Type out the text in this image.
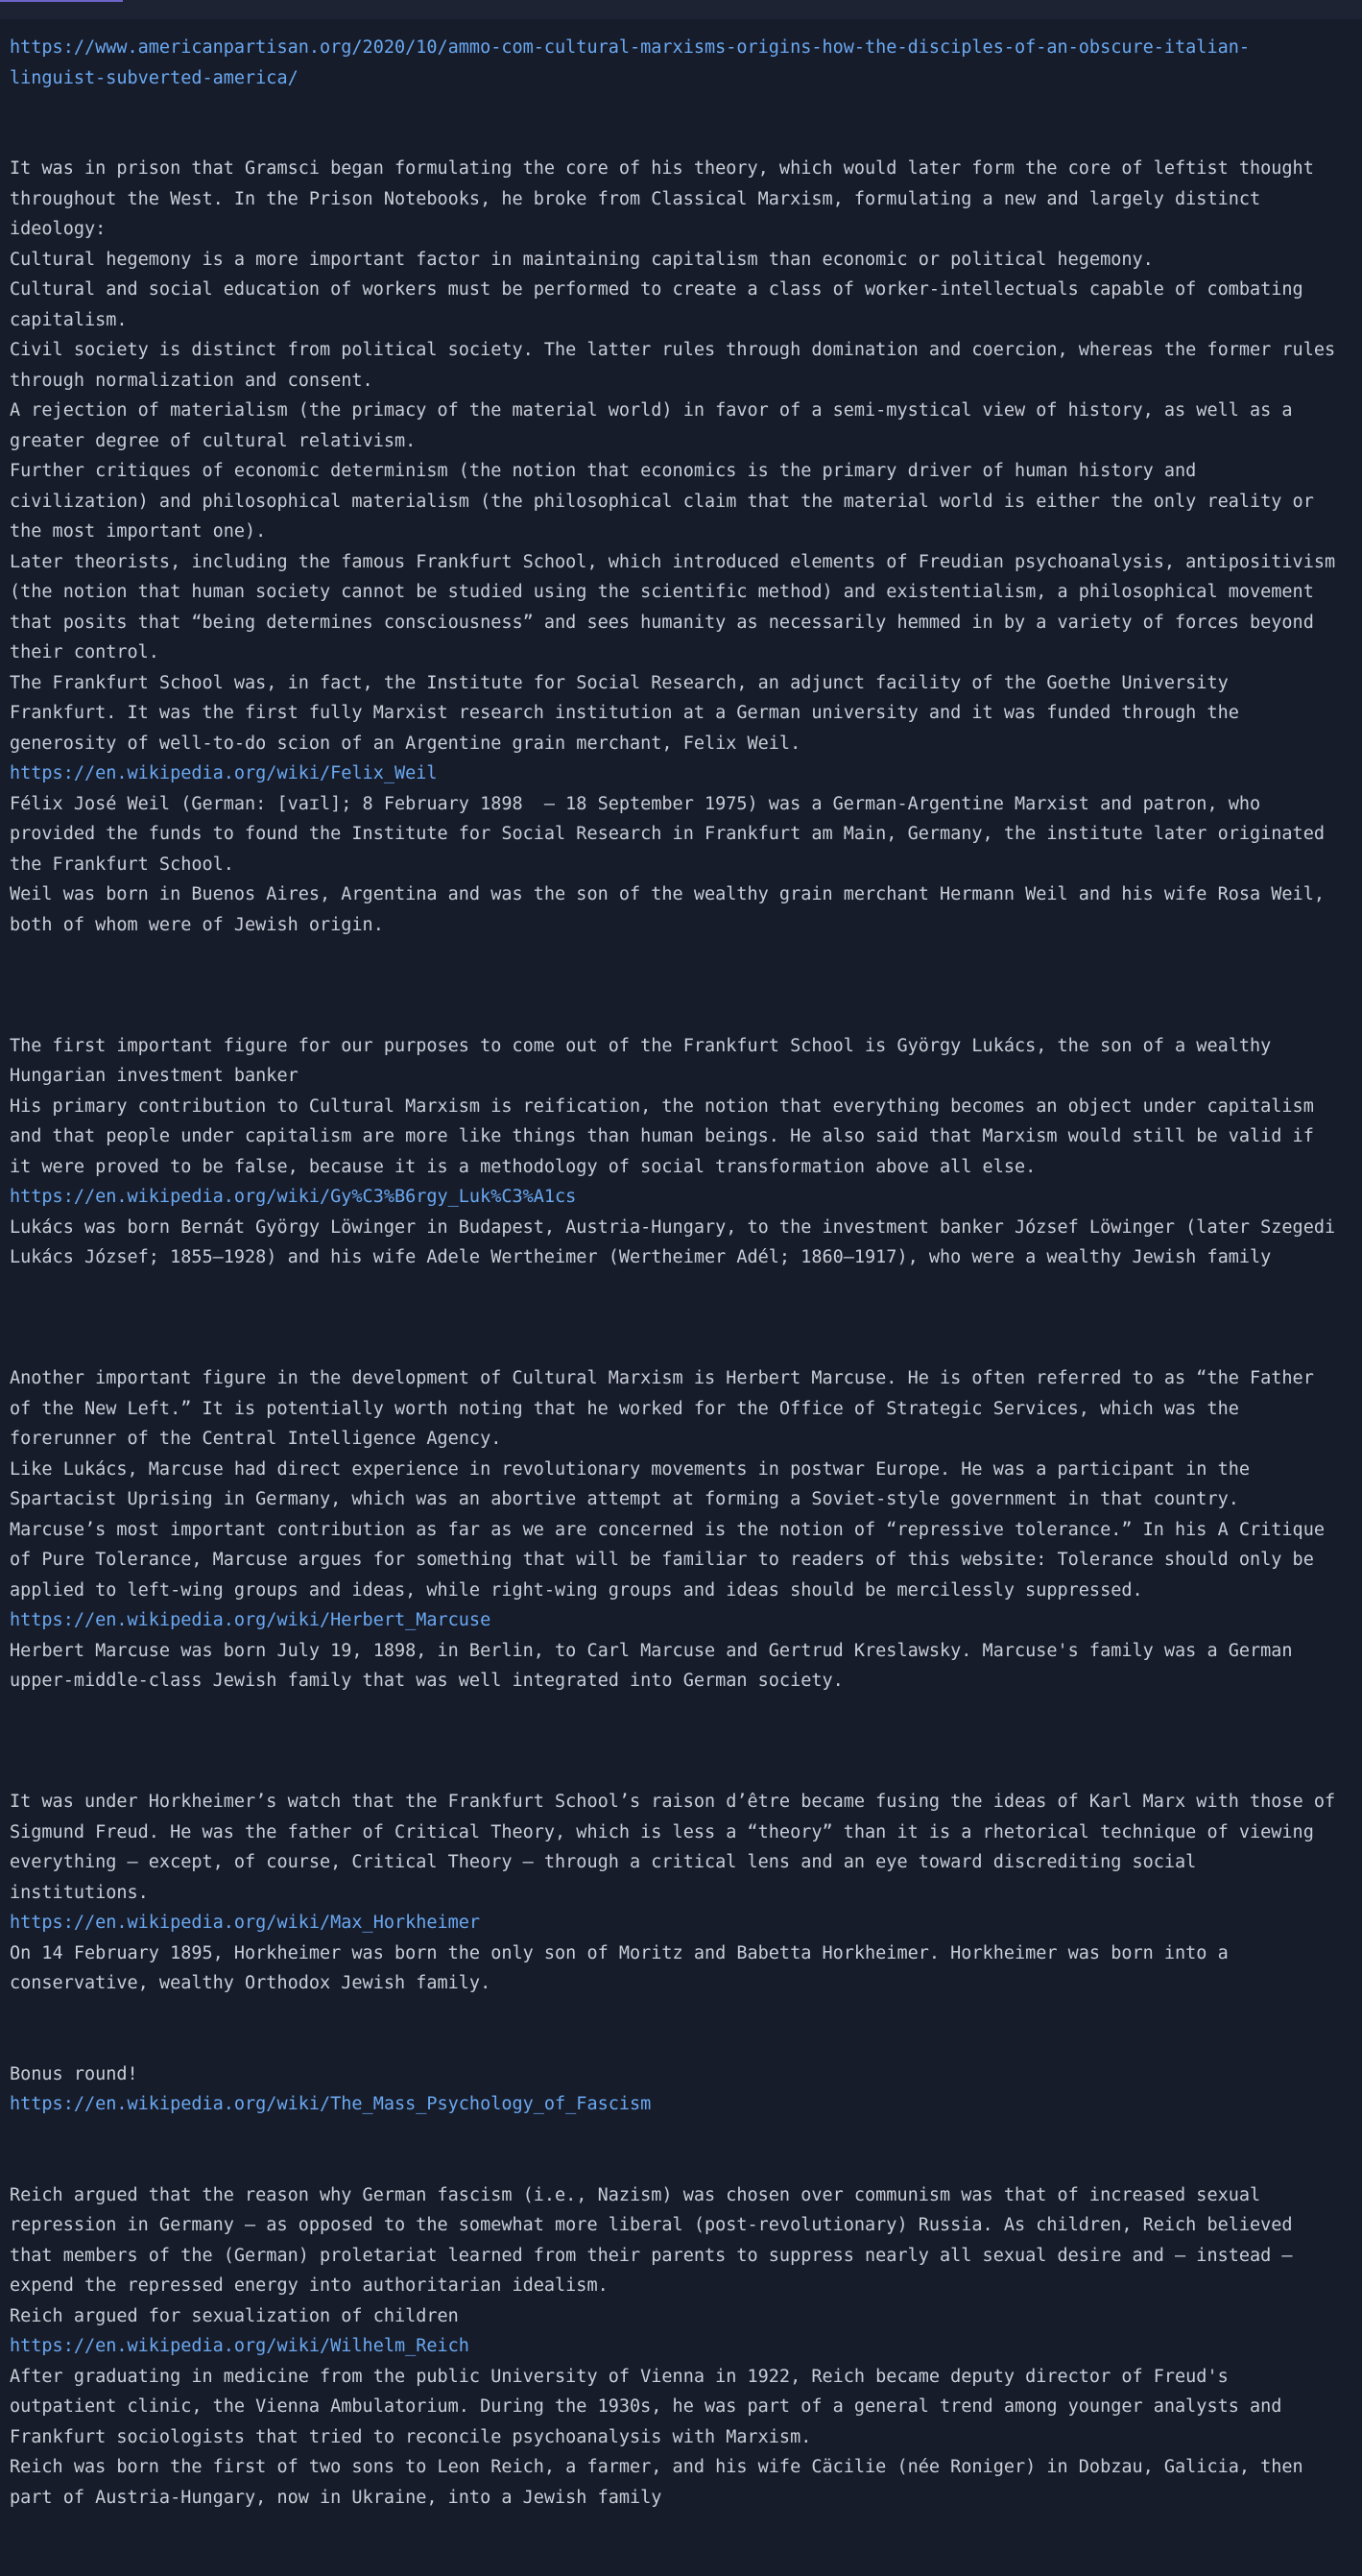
https://www.americanpartisan.org/2020/10/ammo-com-cultural-marxisms-origins-how-the-disciples-of-an-obscure-italian-linguist-subverted-america/
It was in prison that Gramsci began formulating the core of his theory, which would later form the core of leftist thought throughout the West. In the Prison Notebooks, he broke from Classical Marxism, formulating a new and largely distinct ideology:
Cultural hegemony is a more important factor in maintaining capitalism than economic or political hegemony.
Cultural and social education of workers must be performed to create a class of worker-intellectuals capable of combating capitalism.
Civil society is distinct from political society. The latter rules through domination and coercion, whereas the former rules through normalization and consent.
A rejection of materialism (the primacy of the material world) in favor of a semi-mystical view of history, as well as a greater degree of cultural relativism.
Further critiques of economic determinism (the notion that economics is the primary driver of human history and civilization) and philosophical materialism (the philosophical claim that the material world is either the only reality or the most important one).
Later theorists, including the famous Frankfurt School, which introduced elements of Freudian psychoanalysis, antipositivism (the notion that human society cannot be studied using the scientific method) and existentialism, a philosophical movement that posits that “being determines consciousness” and sees humanity as necessarily hemmed in by a variety of forces beyond their control.
The Frankfurt School was, in fact, the Institute for Social Research, an adjunct facility of the Goethe University Frankfurt. It was the first fully Marxist research institution at a German university and it was funded through the generosity of well-to-do scion of an Argentine grain merchant, Felix Weil.
https://en.wikipedia.org/wiki/Felix_Weil
Félix José Weil (German: [vaɪl]; 8 February 1898  – 18 September 1975) was a German-Argentine Marxist and patron, who provided the funds to found the Institute for Social Research in Frankfurt am Main, Germany, the institute later originated the Frankfurt School.
Weil was born in Buenos Aires, Argentina and was the son of the wealthy grain merchant Hermann Weil and his wife Rosa Weil, both of whom were of Jewish origin.
The first important figure for our purposes to come out of the Frankfurt School is György Lukács, the son of a wealthy Hungarian investment banker
His primary contribution to Cultural Marxism is reification, the notion that everything becomes an object under capitalism and that people under capitalism are more like things than human beings. He also said that Marxism would still be valid if it were proved to be false, because it is a methodology of social transformation above all else.
https://en.wikipedia.org/wiki/Gy%C3%B6rgy_Luk%C3%A1cs
Lukács was born Bernát György Löwinger in Budapest, Austria-Hungary, to the investment banker József Löwinger (later Szegedi Lukács József; 1855–1928) and his wife Adele Wertheimer (Wertheimer Adél; 1860–1917), who were a wealthy Jewish family
Another important figure in the development of Cultural Marxism is Herbert Marcuse. He is often referred to as “the Father of the New Left.” It is potentially worth noting that he worked for the Office of Strategic Services, which was the forerunner of the Central Intelligence Agency.
Like Lukács, Marcuse had direct experience in revolutionary movements in postwar Europe. He was a participant in the Spartacist Uprising in Germany, which was an abortive attempt at forming a Soviet-style government in that country.
Marcuse’s most important contribution as far as we are concerned is the notion of “repressive tolerance.” In his A Critique of Pure Tolerance, Marcuse argues for something that will be familiar to readers of this website: Tolerance should only be applied to left-wing groups and ideas, while right-wing groups and ideas should be mercilessly suppressed.
https://en.wikipedia.org/wiki/Herbert_Marcuse
Herbert Marcuse was born July 19, 1898, in Berlin, to Carl Marcuse and Gertrud Kreslawsky. Marcuse's family was a German upper-middle-class Jewish family that was well integrated into German society.
It was under Horkheimer’s watch that the Frankfurt School’s raison d’être became fusing the ideas of Karl Marx with those of Sigmund Freud. He was the father of Critical Theory, which is less a “theory” than it is a rhetorical technique of viewing everything – except, of course, Critical Theory – through a critical lens and an eye toward discrediting social institutions.
https://en.wikipedia.org/wiki/Max_Horkheimer
On 14 February 1895, Horkheimer was born the only son of Moritz and Babetta Horkheimer. Horkheimer was born into a conservative, wealthy Orthodox Jewish family.
Bonus round!
https://en.wikipedia.org/wiki/The_Mass_Psychology_of_Fascism
Reich argued that the reason why German fascism (i.e., Nazism) was chosen over communism was that of increased sexual repression in Germany – as opposed to the somewhat more liberal (post-revolutionary) Russia. As children, Reich believed that members of the (German) proletariat learned from their parents to suppress nearly all sexual desire and – instead – expend the repressed energy into authoritarian idealism.
Reich argued for sexualization of children
https://en.wikipedia.org/wiki/Wilhelm_Reich
After graduating in medicine from the public University of Vienna in 1922, Reich became deputy director of Freud's outpatient clinic, the Vienna Ambulatorium. During the 1930s, he was part of a general trend among younger analysts and Frankfurt sociologists that tried to reconcile psychoanalysis with Marxism.
Reich was born the first of two sons to Leon Reich, a farmer, and his wife Cäcilie (née Roniger) in Dobzau, Galicia, then part of Austria-Hungary, now in Ukraine, into a Jewish family
